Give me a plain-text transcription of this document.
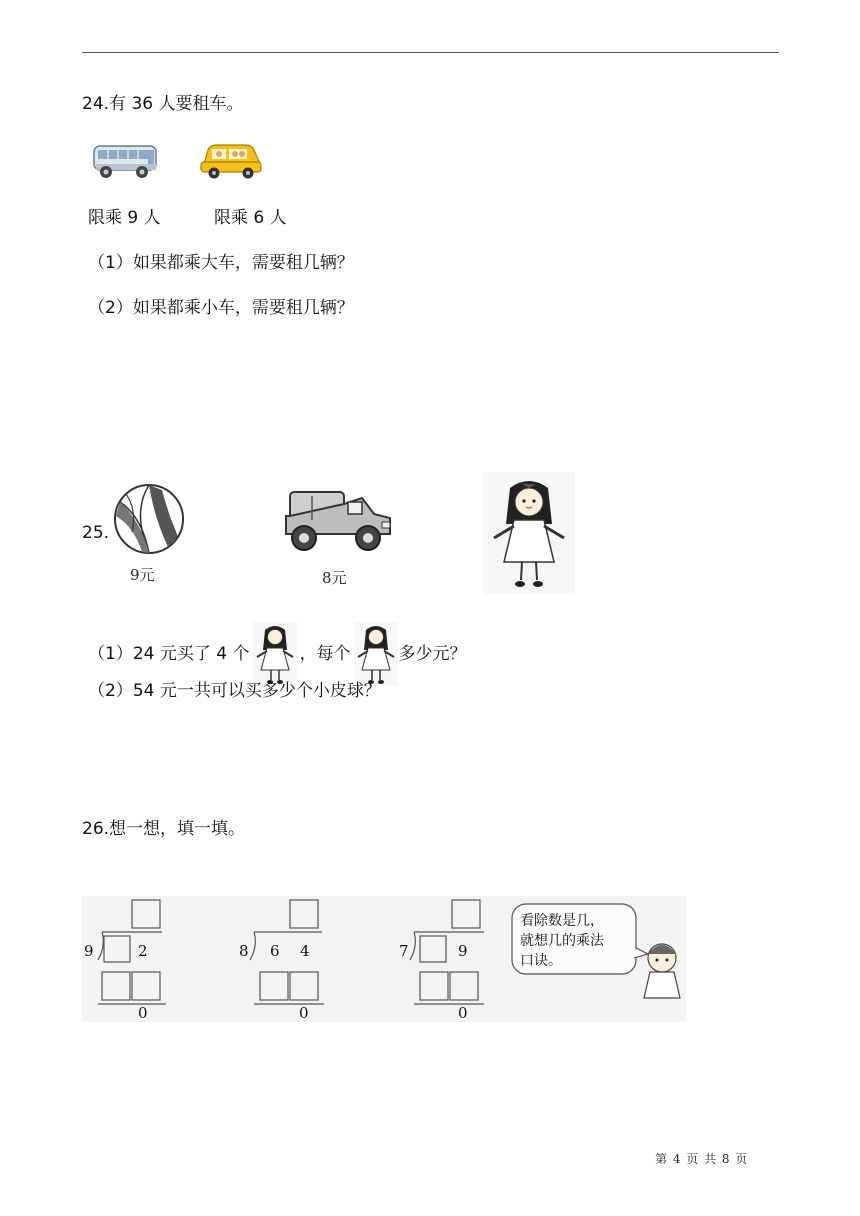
24.有 36 人要租车。
限乘 9 人	限乘 6 人
（1）如果都乘大车，需要租几辆？
（2）如果都乘小车，需要租几辆？
25.
9元	8元
（1）24 元买了 4 个	，每个	多少元？
（2）54 元一共可以买多少个小皮球？
26.想一想，填一填。
9	2
0
8 6 4
0
7	9
0
看除数是几，
就想几的乘法
口诀。
第 4 页 共 8 页
